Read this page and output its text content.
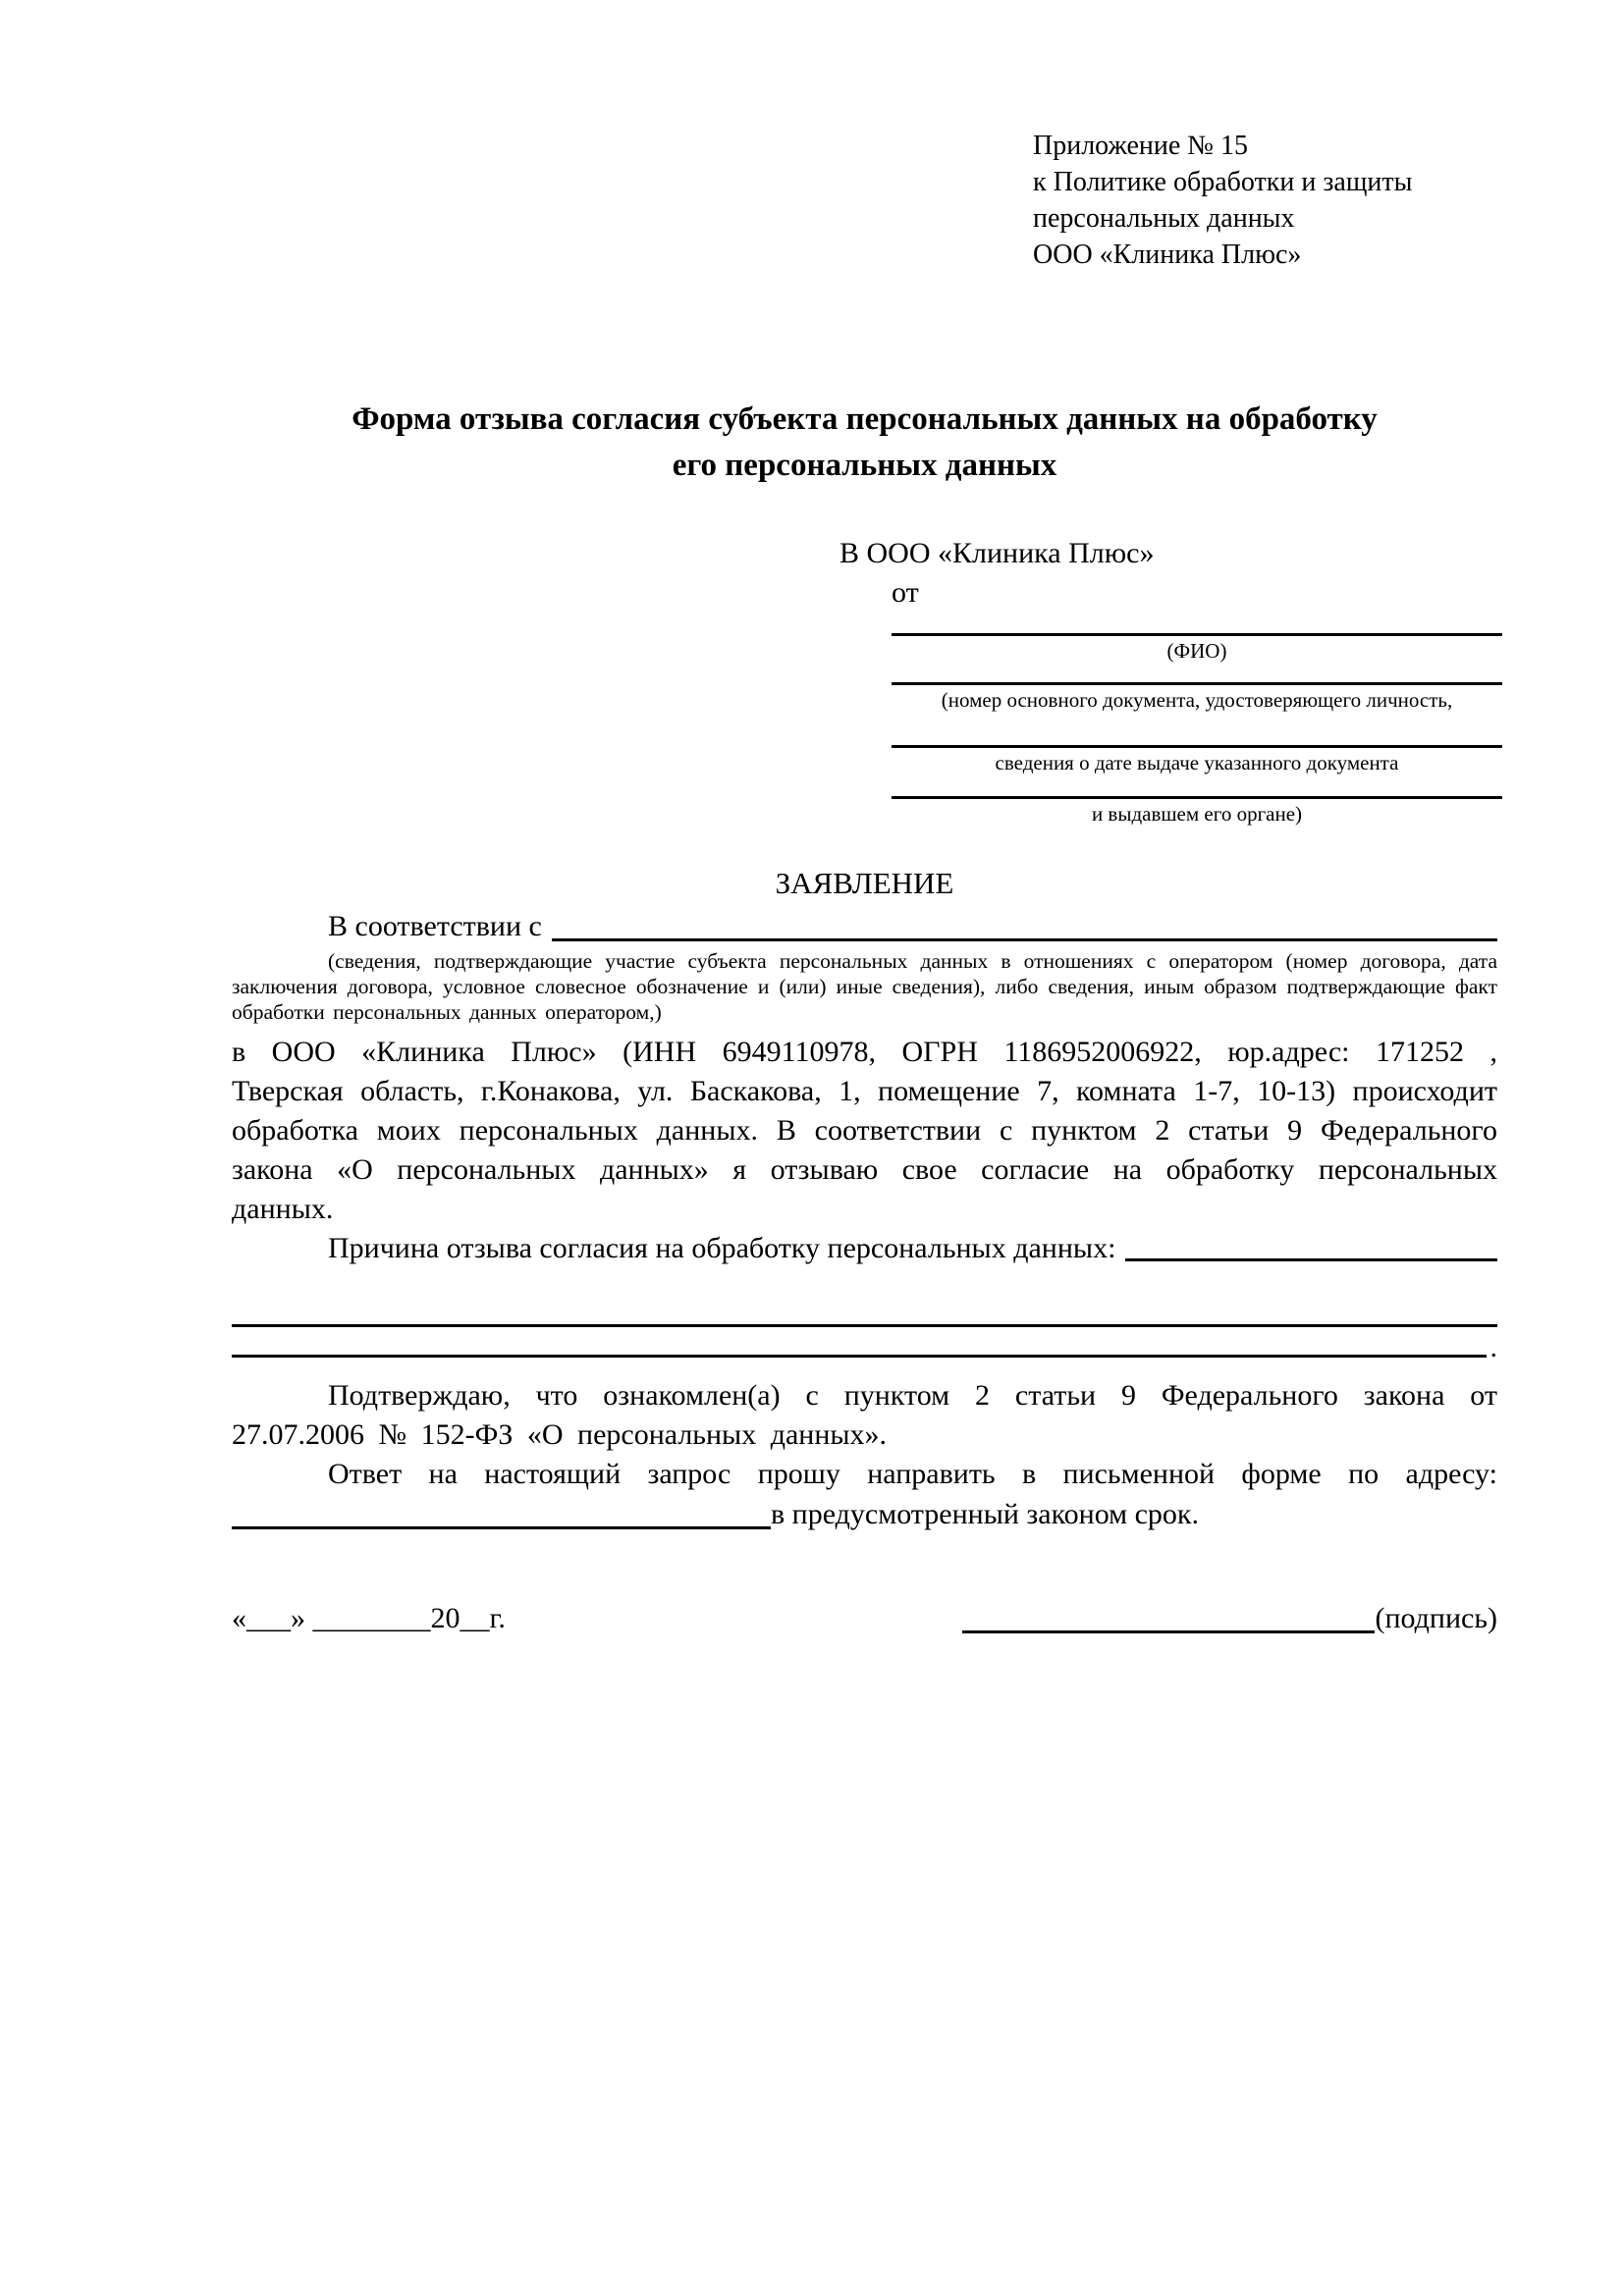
Приложение № 15
к Политике обработки и защиты
персональных данных
ООО «Клиника Плюс»
Форма отзыва согласия субъекта персональных данных на обработку
его персональных данных
В ООО «Клиника Плюс»
от
(ФИО)
(номер основного документа, удостоверяющего личность,
сведения о дате выдаче указанного документа
и выдавшем его органе)
ЗАЯВЛЕНИЕ
В соответствии с
(сведения, подтверждающие участие субъекта персональных данных в отношениях с оператором (номер договора, дата заключения договора, условное словесное обозначение и (или) иные сведения), либо сведения, иным образом подтверждающие факт обработки персональных данных оператором,)
в ООО «Клиника Плюс» (ИНН 6949110978, ОГРН 1186952006922, юр.адрес: 171252 , Тверская область, г.Конакова, ул. Баскакова, 1, помещение 7, комната 1-7, 10-13) происходит обработка моих персональных данных. В соответствии с пунктом 2 статьи 9 Федерального закона «О персональных данных» я отзываю свое согласие на обработку персональных данных.
Причина отзыва согласия на обработку персональных данных:
.
Подтверждаю, что ознакомлен(а) с пунктом 2 статьи 9 Федерального закона от 27.07.2006 № 152-ФЗ «О персональных данных».
Ответ на настоящий запрос прошу направить в письменной форме по адресу:
в предусмотренный законом срок.
«___» ________20__г.	(подпись)
